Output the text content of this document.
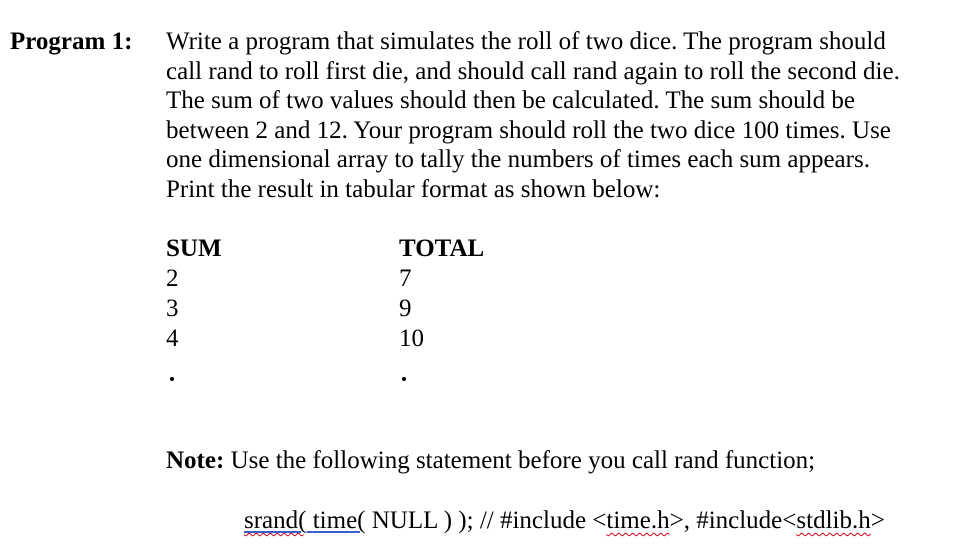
Program 1: Write a program that simulates the roll of two dice. The program should
call rand to roll first die, and should call rand again to roll the second die.
The sum of two values should then be calculated. The sum should be
between 2 and 12. Your program should roll the two dice 100 times. Use
one dimensional array to tally the numbers of times each sum appears.
Print the result in tabular format as shown below:
SUM
2
3
4
TOTAL
7
9
10
Note: Use the following statement before you call rand function;
srand( time( NULL ) ); // #include <time.h>, #include<stdlib.h>
